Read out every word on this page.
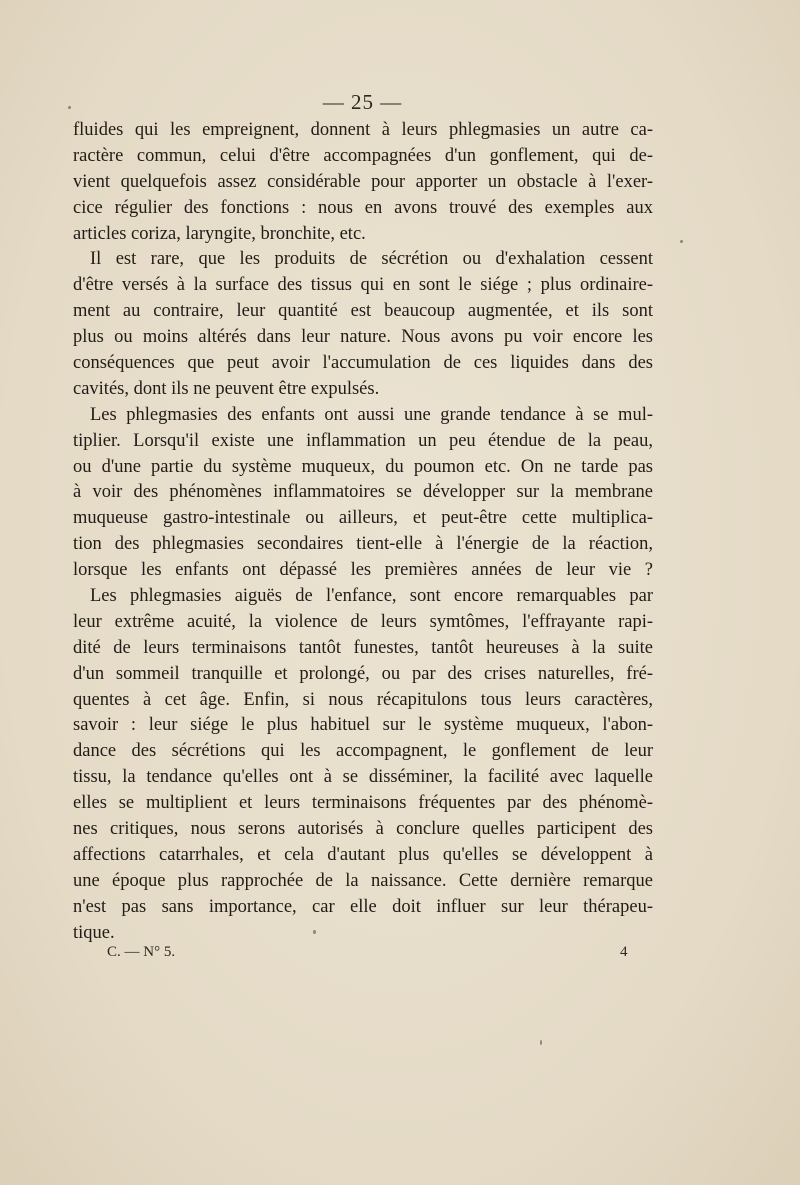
— 25 —
fluides qui les empreignent, donnent à leurs phlegmasies un autre ca-
ractère commun, celui d'être accompagnées d'un gonflement, qui de-
vient quelquefois assez considérable pour apporter un obstacle à l'exer-
cice régulier des fonctions : nous en avons trouvé des exemples aux
articles coriza, laryngite, bronchite, etc.
Il est rare, que les produits de sécrétion ou d'exhalation cessent
d'être versés à la surface des tissus qui en sont le siége ; plus ordinaire-
ment au contraire, leur quantité est beaucoup augmentée, et ils sont
plus ou moins altérés dans leur nature. Nous avons pu voir encore les
conséquences que peut avoir l'accumulation de ces liquides dans des
cavités, dont ils ne peuvent être expulsés.
Les phlegmasies des enfants ont aussi une grande tendance à se mul-
tiplier. Lorsqu'il existe une inflammation un peu étendue de la peau,
ou d'une partie du système muqueux, du poumon etc. On ne tarde pas
à voir des phénomènes inflammatoires se développer sur la membrane
muqueuse gastro-intestinale ou ailleurs, et peut-être cette multiplica-
tion des phlegmasies secondaires tient-elle à l'énergie de la réaction,
lorsque les enfants ont dépassé les premières années de leur vie ?
Les phlegmasies aiguës de l'enfance, sont encore remarquables par
leur extrême acuité, la violence de leurs symtômes, l'effrayante rapi-
dité de leurs terminaisons tantôt funestes, tantôt heureuses à la suite
d'un sommeil tranquille et prolongé, ou par des crises naturelles, fré-
quentes à cet âge. Enfin, si nous récapitulons tous leurs caractères,
savoir : leur siége le plus habituel sur le système muqueux, l'abon-
dance des sécrétions qui les accompagnent, le gonflement de leur
tissu, la tendance qu'elles ont à se disséminer, la facilité avec laquelle
elles se multiplient et leurs terminaisons fréquentes par des phénomè-
nes critiques, nous serons autorisés à conclure quelles participent des
affections catarrhales, et cela d'autant plus qu'elles se développent à
une époque plus rapprochée de la naissance. Cette dernière remarque
n'est pas sans importance, car elle doit influer sur leur thérapeu-
tique.
C. — N° 5.	4
